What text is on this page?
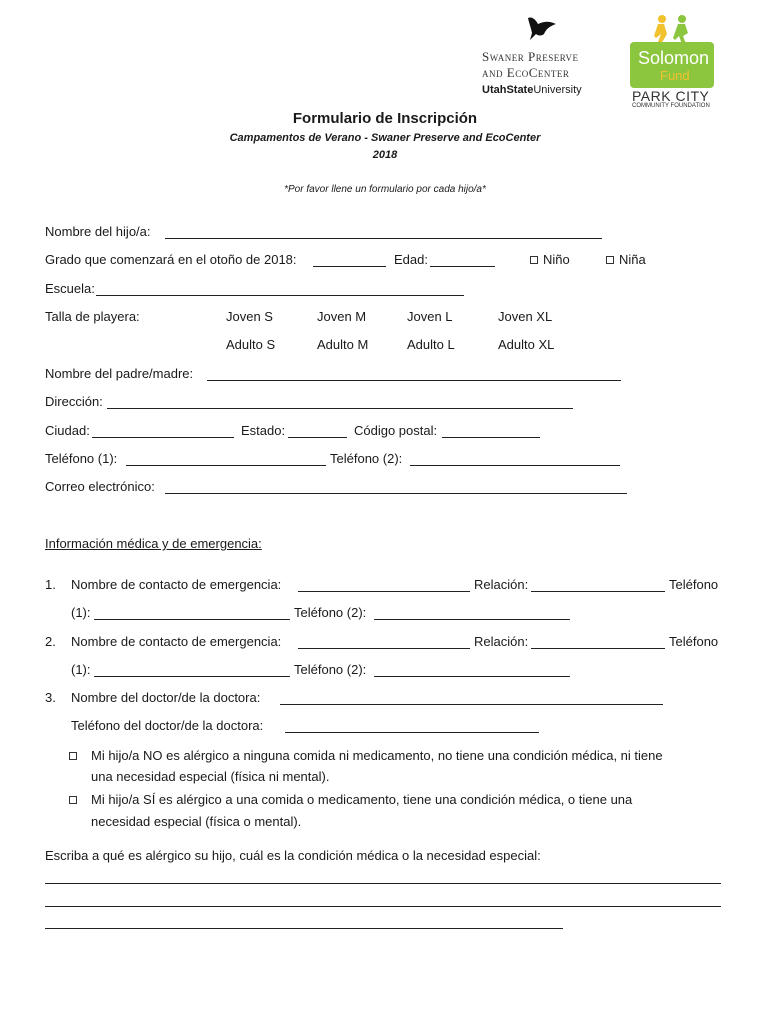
Swaner Preserve
and EcoCenter
UtahStateUniversity
Solomon
Fund
PARK CITY
COMMUNITY FOUNDATION
Formulario de Inscripción
Campamentos de Verano - Swaner Preserve and EcoCenter
2018
*Por favor llene un formulario por cada hijo/a*
Nombre del hijo/a:
Grado que comenzará en el otoño de 2018:	Edad:	Niño	Niña
Escuela:
Talla de playera:	Joven S	Joven M	Joven L	Joven XL
Adulto S	Adulto M	Adulto L	Adulto XL
Nombre del padre/madre:
Dirección:
Ciudad:	Estado:	Código postal:
Teléfono (1):	Teléfono (2):
Correo electrónico:
Información médica y de emergencia:
1. Nombre de contacto de emergencia:	Relación:	Teléfono
(1):	Teléfono (2):
2. Nombre de contacto de emergencia:	Relación:	Teléfono
(1):	Teléfono (2):
3. Nombre del doctor/de la doctora:
Teléfono del doctor/de la doctora:
Mi hijo/a NO es alérgico a ninguna comida ni medicamento, no tiene una condición médica, ni tiene
una necesidad especial (física ni mental).
Mi hijo/a SÍ es alérgico a una comida o medicamento, tiene una condición médica, o tiene una
necesidad especial (física o mental).
Escriba a qué es alérgico su hijo, cuál es la condición médica o la necesidad especial:
